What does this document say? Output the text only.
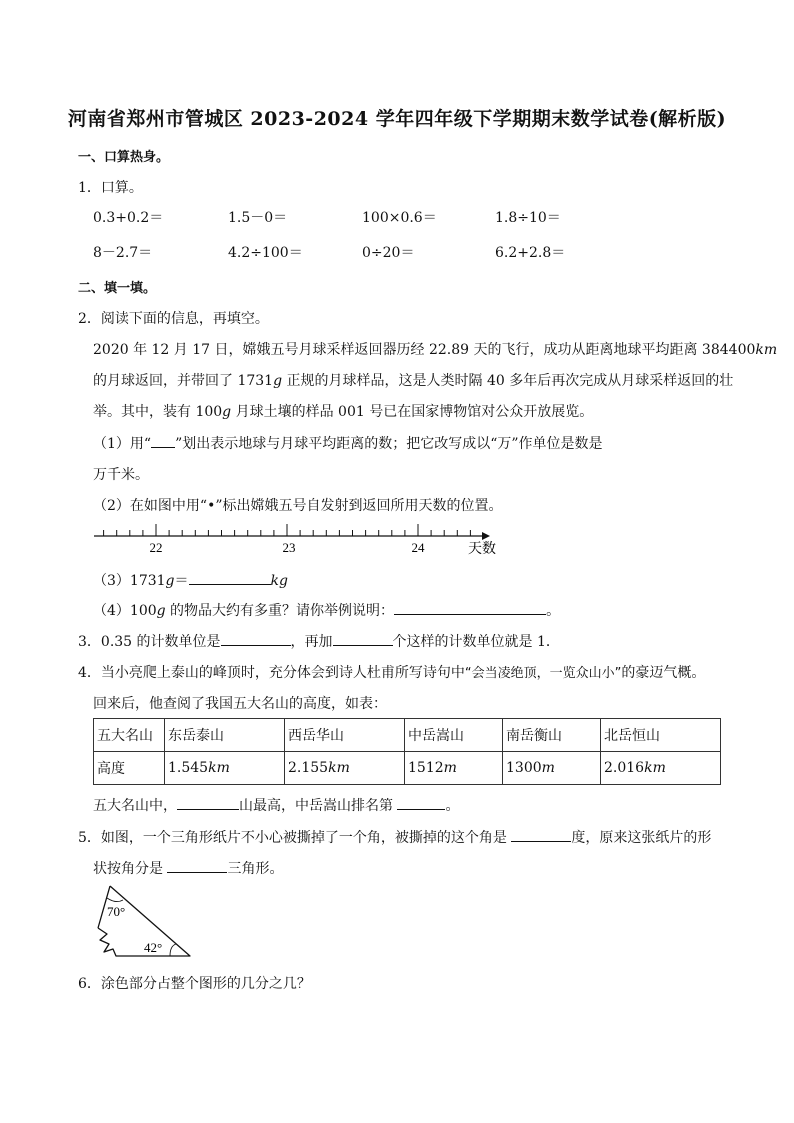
河南省郑州市管城区 2023-2024 学年四年级下学期期末数学试卷(解析版)
一、口算热身。
1．口算。
0.3+0.2＝	1.5－0＝	100×0.6＝	1.8÷10＝
8－2.7＝	4.2÷100＝	0÷20＝	6.2+2.8＝
二、填一填。
2．阅读下面的信息，再填空。
2020 年 12 月 17 日，嫦娥五号月球采样返回器历经 22.89 天的飞行，成功从距离地球平均距离 384400km
的月球返回，并带回了 1731g 正规的月球样品，这是人类时隔 40 多年后再次完成从月球采样返回的壮
举。其中，装有 100g 月球土壤的样品 001 号已在国家博物馆对公众开放展览。
（1）用“ ”划出表示地球与月球平均距离的数；把它改写成以“万”作单位是数是
万千米。
（2）在如图中用“•”标出嫦娥五号自发射到返回所用天数的位置。
22	23	24	天数
（3）1731g＝	kg
（4）100g 的物品大约有多重？请你举例说明：	。
3．0.35 的计数单位是	，再加	个这样的计数单位就是 1．
4．当小亮爬上泰山的峰顶时，充分体会到诗人杜甫所写诗句中“会当凌绝顶，一览众山小”的豪迈气概。
回来后，他查阅了我国五大名山的高度，如表：
五大名山	东岳泰山	西岳华山	中岳嵩山	南岳衡山	北岳恒山
高度	1.545km	2.155km	1512m	1300m	2.016km
五大名山中，	山最高，中岳嵩山排名第	。
5．如图，一个三角形纸片不小心被撕掉了一个角，被撕掉的这个角是	度，原来这张纸片的形
状按角分是	三角形。
70°
42°
6．涂色部分占整个图形的几分之几？
